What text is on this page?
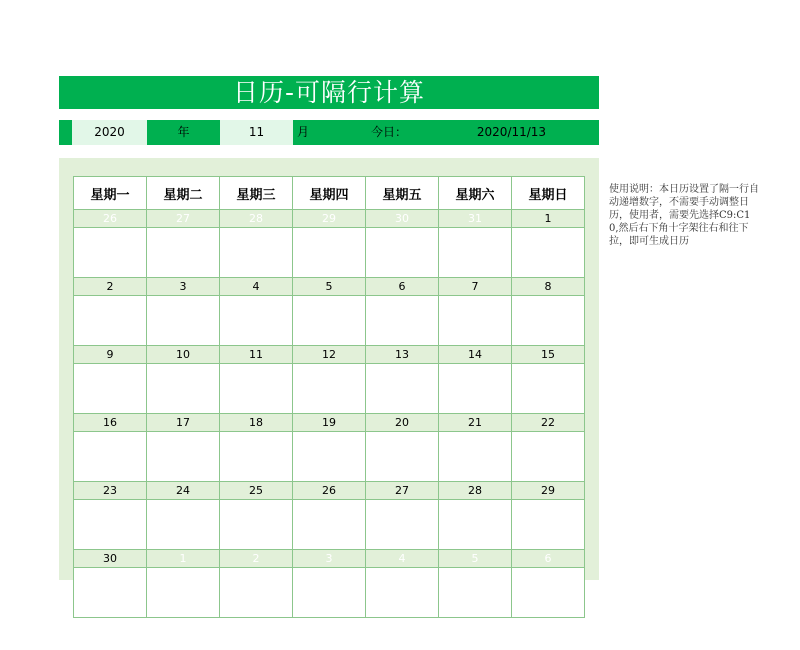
日历-可隔行计算
2020	年	11	月	今日：	2020/11/13
星期一	星期二	星期三	星期四	星期五	星期六	星期日
26	27	28	29	30	31	1

2	3	4	5	6	7	8

9	10	11	12	13	14	15

16	17	18	19	20	21	22

23	24	25	26	27	28	29

30	1	2	3	4	5	6

使用说明：本日历设置了隔一行自动递增数字，不需要手动调整日历，使用者，需要先选择C9:C10,然后右下角十字架往右和往下拉，即可生成日历
